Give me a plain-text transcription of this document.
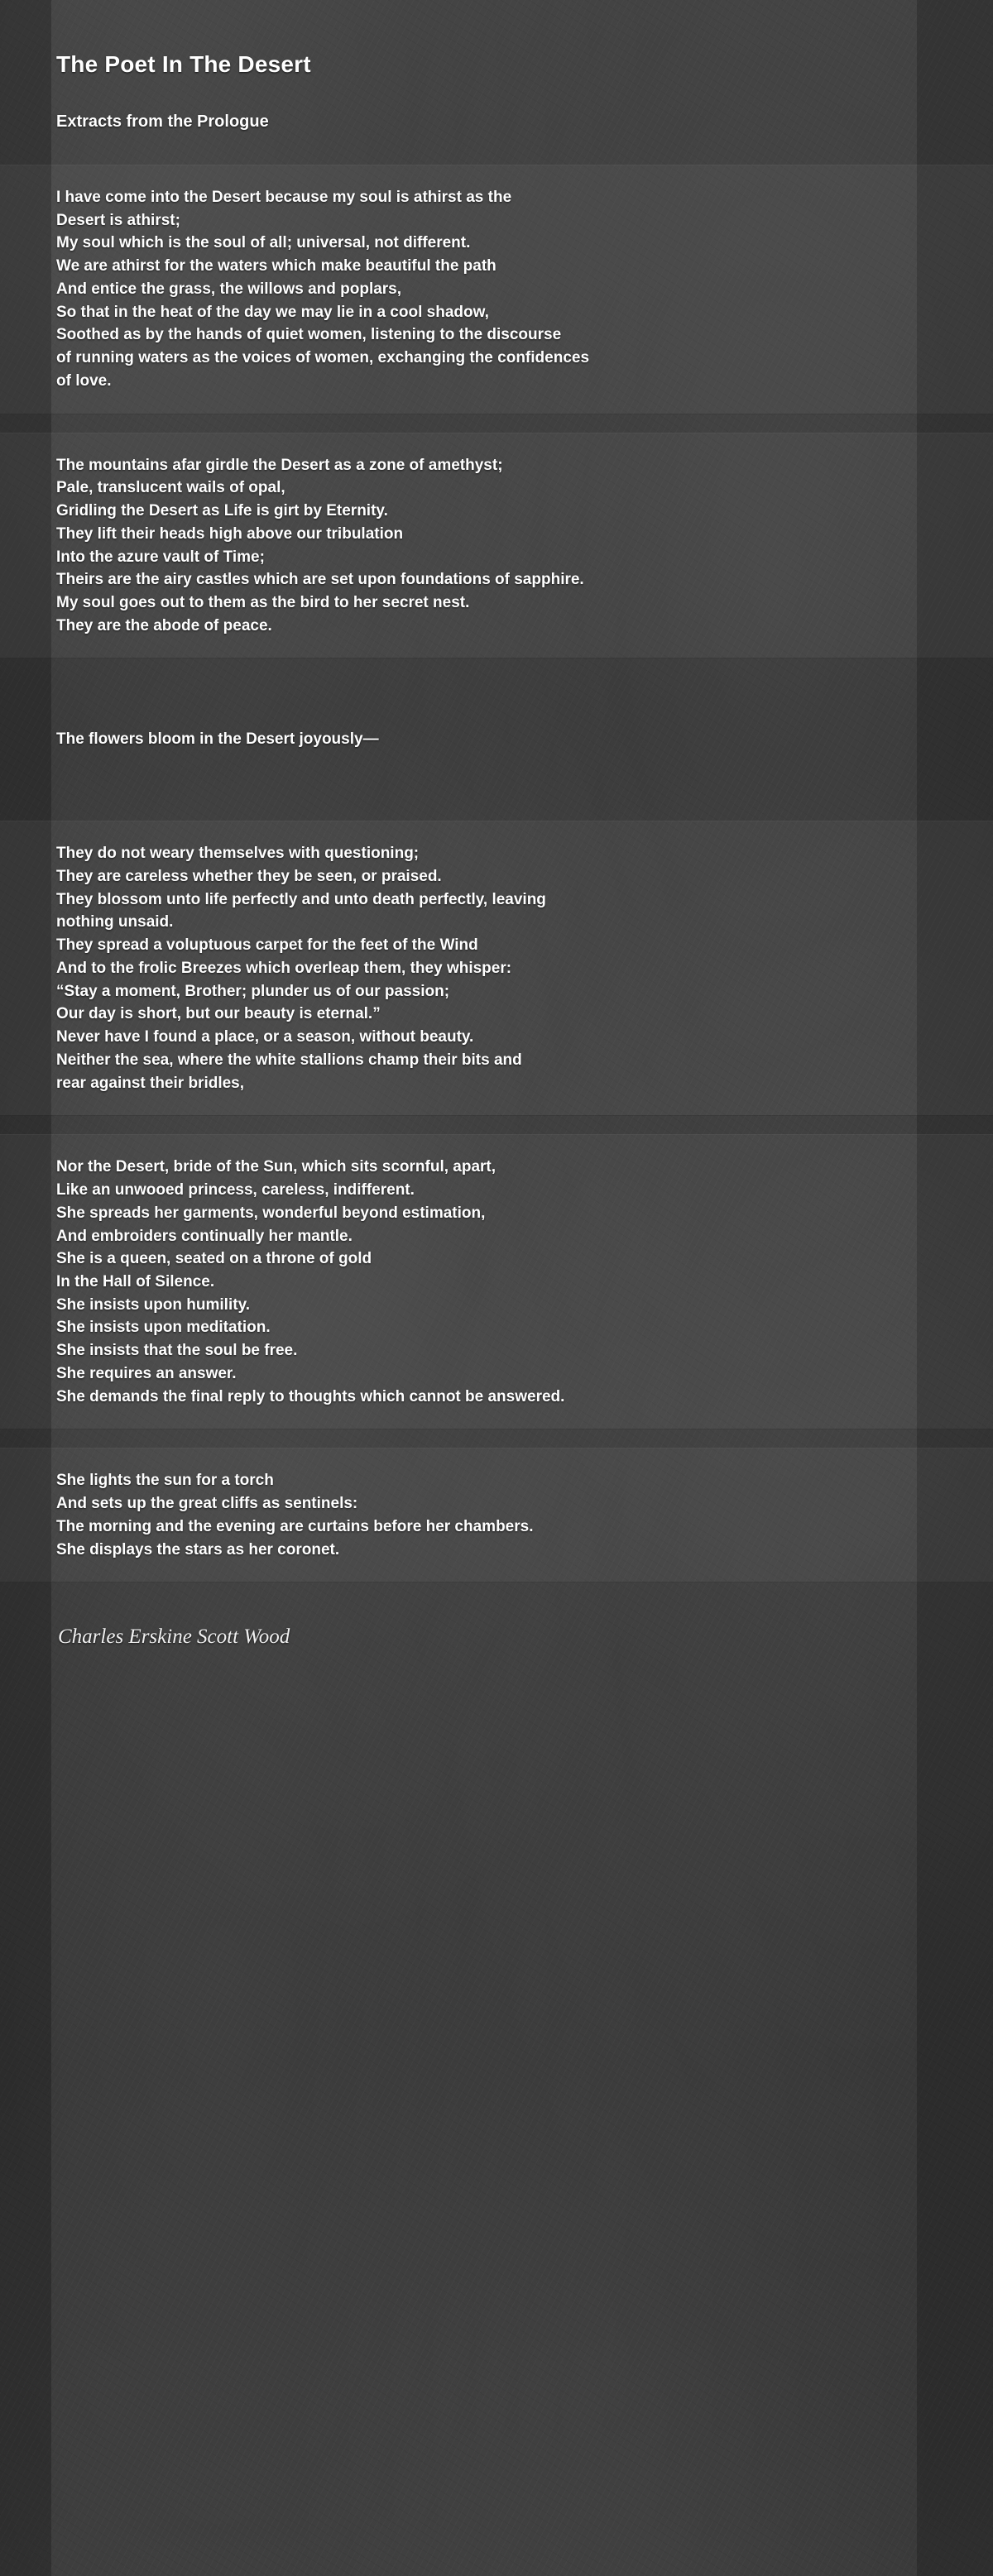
The Poet In The Desert
Extracts from the Prologue
I have come into the Desert because my soul is athirst as the
Desert is athirst;
My soul which is the soul of all; universal, not different.
We are athirst for the waters which make beautiful the path
And entice the grass, the willows and poplars,
So that in the heat of the day we may lie in a cool shadow,
Soothed as by the hands of quiet women, listening to the discourse
of running waters as the voices of women, exchanging the confidences
of love.
The mountains afar girdle the Desert as a zone of amethyst;
Pale, translucent wails of opal,
Gridling the Desert as Life is girt by Eternity.
They lift their heads high above our tribulation
Into the azure vault of Time;
Theirs are the airy castles which are set upon foundations of sapphire.
My soul goes out to them as the bird to her secret nest.
They are the abode of peace.
The flowers bloom in the Desert joyously—
They do not weary themselves with questioning;
They are careless whether they be seen, or praised.
They blossom unto life perfectly and unto death perfectly, leaving
nothing unsaid.
They spread a voluptuous carpet for the feet of the Wind
And to the frolic Breezes which overleap them, they whisper:
“Stay a moment, Brother; plunder us of our passion;
Our day is short, but our beauty is eternal.”
Never have I found a place, or a season, without beauty.
Neither the sea, where the white stallions champ their bits and
rear against their bridles,
Nor the Desert, bride of the Sun, which sits scornful, apart,
Like an unwooed princess, careless, indifferent.
She spreads her garments, wonderful beyond estimation,
And embroiders continually her mantle.
She is a queen, seated on a throne of gold
In the Hall of Silence.
She insists upon humility.
She insists upon meditation.
She insists that the soul be free.
She requires an answer.
She demands the final reply to thoughts which cannot be answered.
She lights the sun for a torch
And sets up the great cliffs as sentinels:
The morning and the evening are curtains before her chambers.
She displays the stars as her coronet.
Charles Erskine Scott Wood
